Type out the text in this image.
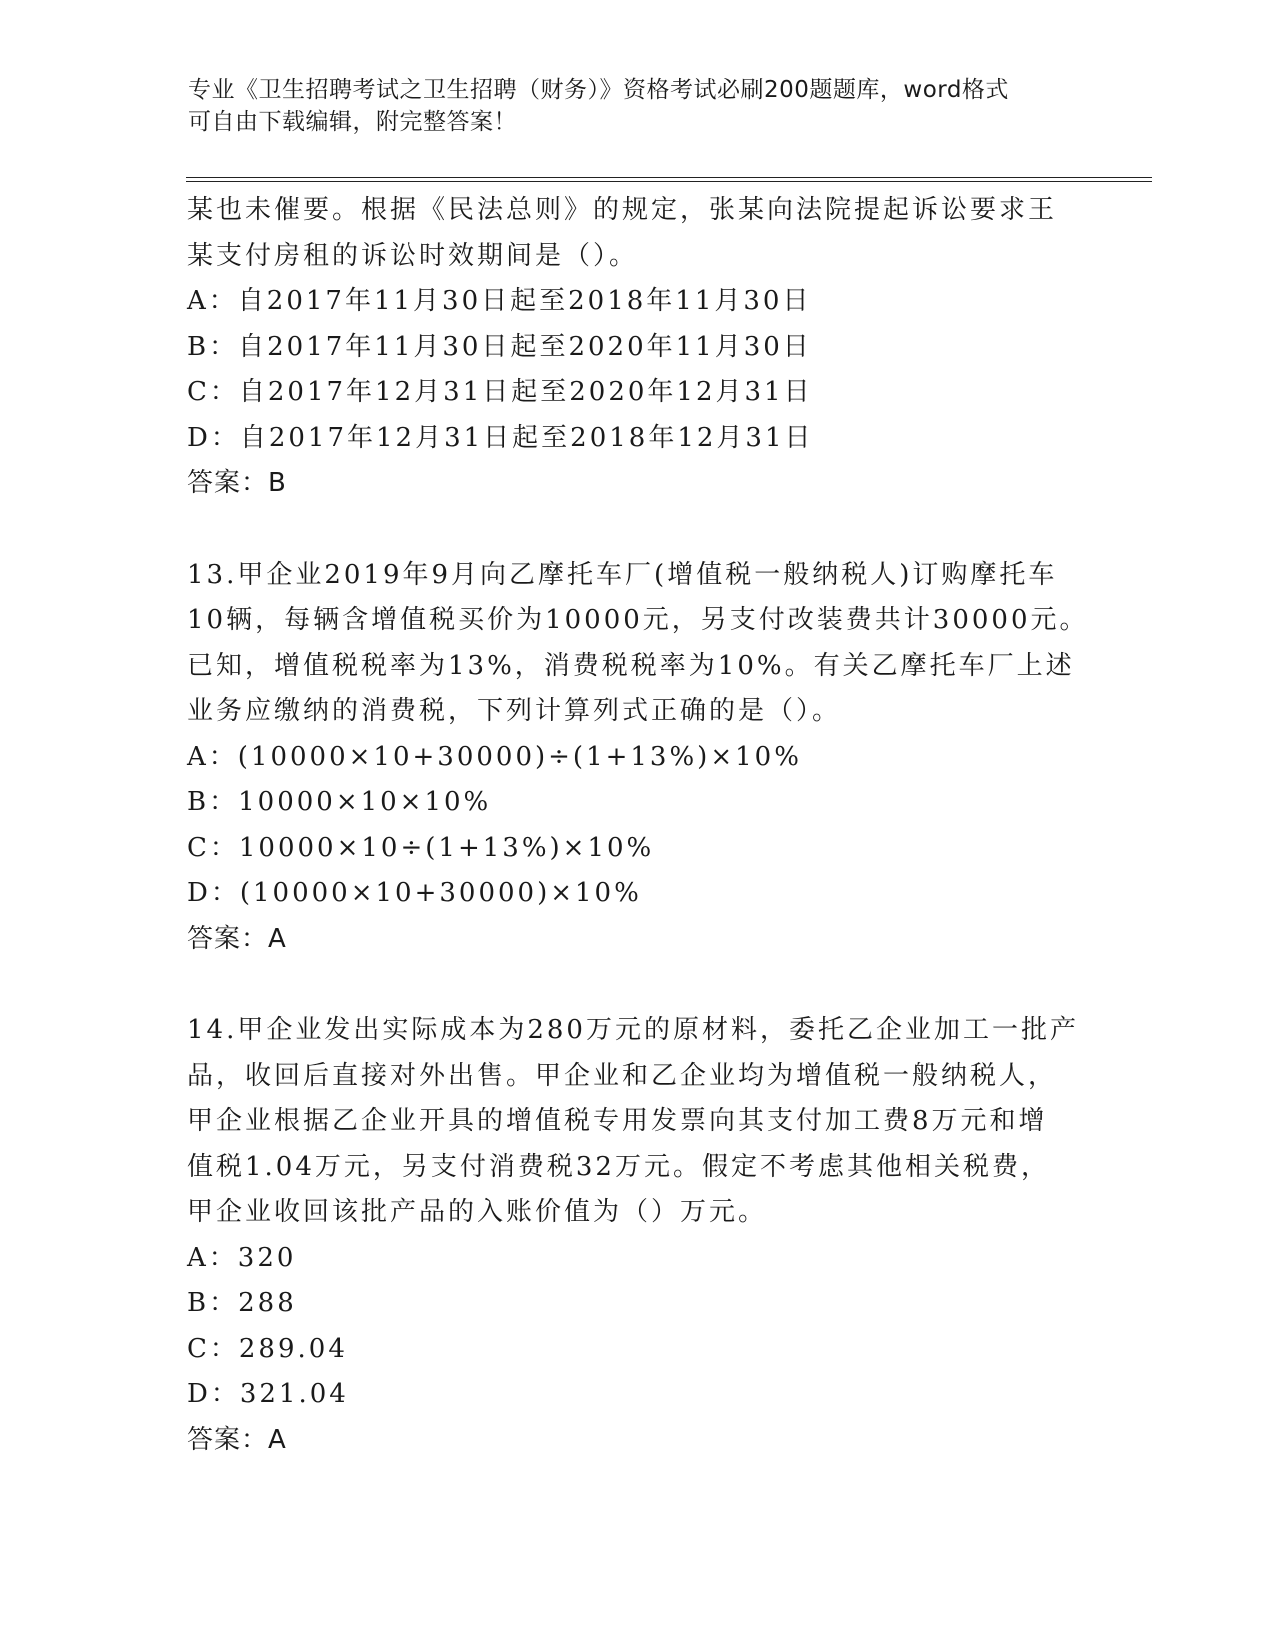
专业《卫生招聘考试之卫生招聘（财务）》资格考试必刷200题题库，word格式
可自由下载编辑，附完整答案！
某也未催要。根据《民法总则》的规定，张某向法院提起诉讼要求王
某支付房租的诉讼时效期间是（）。
A：自2017年11月30日起至2018年11月30日
B：自2017年11月30日起至2020年11月30日
C：自2017年12月31日起至2020年12月31日
D：自2017年12月31日起至2018年12月31日
答案：B
13.甲企业2019年9月向乙摩托车厂(增值税一般纳税人)订购摩托车
10辆，每辆含增值税买价为10000元，另支付改装费共计30000元。
已知，增值税税率为13%，消费税税率为10%。有关乙摩托车厂上述
业务应缴纳的消费税，下列计算列式正确的是（）。
A：(10000×10+30000)÷(1+13%)×10%
B：10000×10×10%
C：10000×10÷(1+13%)×10%
D：(10000×10+30000)×10%
答案：A
14.甲企业发出实际成本为280万元的原材料，委托乙企业加工一批产
品，收回后直接对外出售。甲企业和乙企业均为增值税一般纳税人，
甲企业根据乙企业开具的增值税专用发票向其支付加工费8万元和增
值税1.04万元，另支付消费税32万元。假定不考虑其他相关税费，
甲企业收回该批产品的入账价值为（）万元。
A：320
B：288
C：289.04
D：321.04
答案：A
